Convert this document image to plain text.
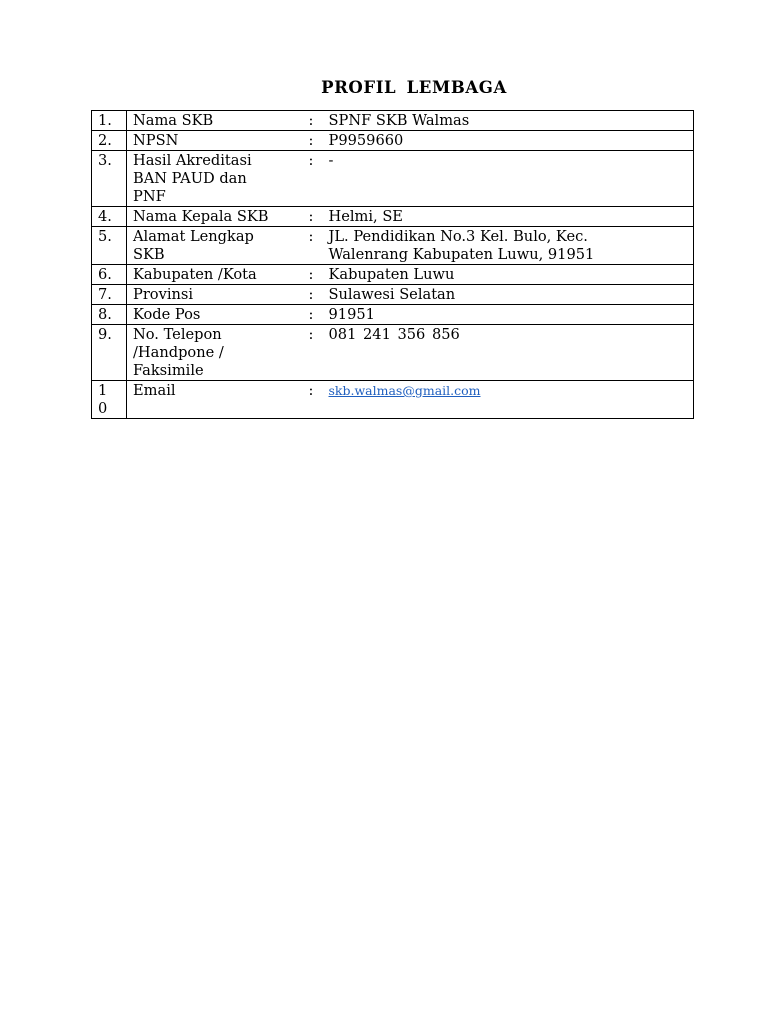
PROFIL LEMBAGA
1.	Nama SKB	:	SPNF SKB Walmas
2.	NPSN	:	P9959660
3.	Hasil Akreditasi BAN PAUD dan PNF	:	-
4.	Nama Kepala SKB	:	Helmi, SE
5.	Alamat Lengkap SKB	:	JL. Pendidikan No.3 Kel. Bulo, Kec. Walenrang Kabupaten Luwu, 91951
6.	Kabupaten /Kota	:	Kabupaten Luwu
7.	Provinsi	:	Sulawesi Selatan
8.	Kode Pos	:	91951
9.	No. Telepon /Handpone / Faksimile	:	081 241 356 856
10	Email	:	skb.walmas@gmail.com
